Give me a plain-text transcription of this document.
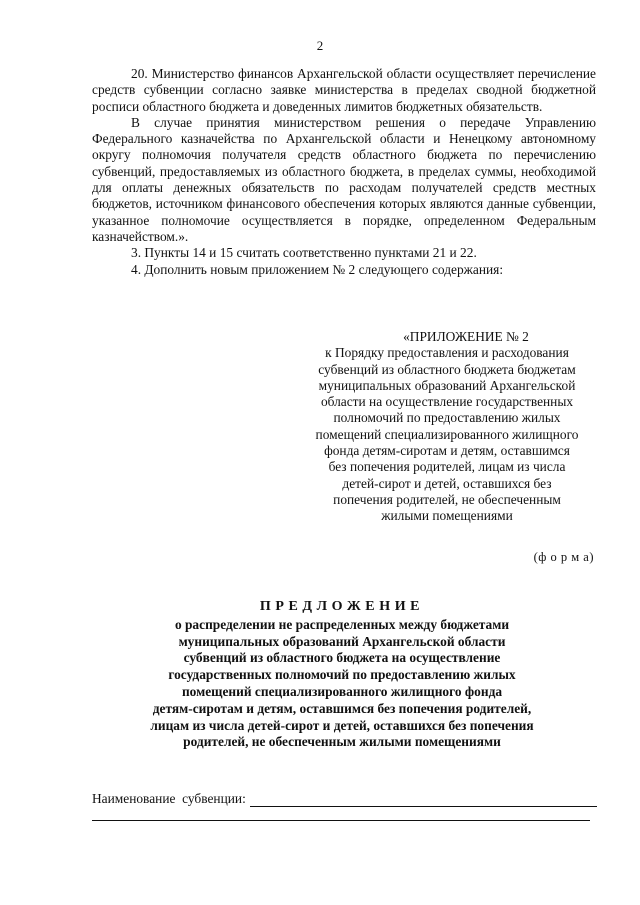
2

20. Министерство финансов Архангельской области осуществляет перечисление средств субвенции согласно заявке министерства в пределах сводной бюджетной росписи областного бюджета и доведенных лимитов бюджетных обязательств.

В случае принятия министерством решения о передаче Управлению Федерального казначейства по Архангельской области и Ненецкому автономному округу полномочия получателя средств областного бюджета по перечислению субвенций, предоставляемых из областного бюджета, в пределах суммы, необходимой для оплаты денежных обязательств по расходам получателей средств местных бюджетов, источником финансового обеспечения которых являются данные субвенции, указанное полномочие осуществляется в порядке, определенном Федеральным казначейством.».

3. Пункты 14 и 15 считать соответственно пунктами 21 и 22.

4. Дополнить новым приложением № 2 следующего содержания:

«ПРИЛОЖЕНИЕ № 2
к Порядку предоставления и расходования
субвенций из областного бюджета бюджетам
муниципальных образований Архангельской
области на осуществление государственных
полномочий по предоставлению жилых
помещений специализированного жилищного
фонда детям-сиротам и детям, оставшимся
без попечения родителей, лицам из числа
детей-сирот и детей, оставшихся без
попечения родителей, не обеспеченным
жилыми помещениями
(ф о р м а)
ПРЕДЛОЖЕНИЕ
о распределении не распределенных между бюджетами
муниципальных образований Архангельской области
субвенций из областного бюджета на осуществление
государственных полномочий по предоставлению жилых
помещений специализированного жилищного фонда
детям-сиротам и детям, оставшимся без попечения родителей,
лицам из числа детей-сирот и детей, оставшихся без попечения
родителей, не обеспеченным жилыми помещениями
Наименование  субвенции:
